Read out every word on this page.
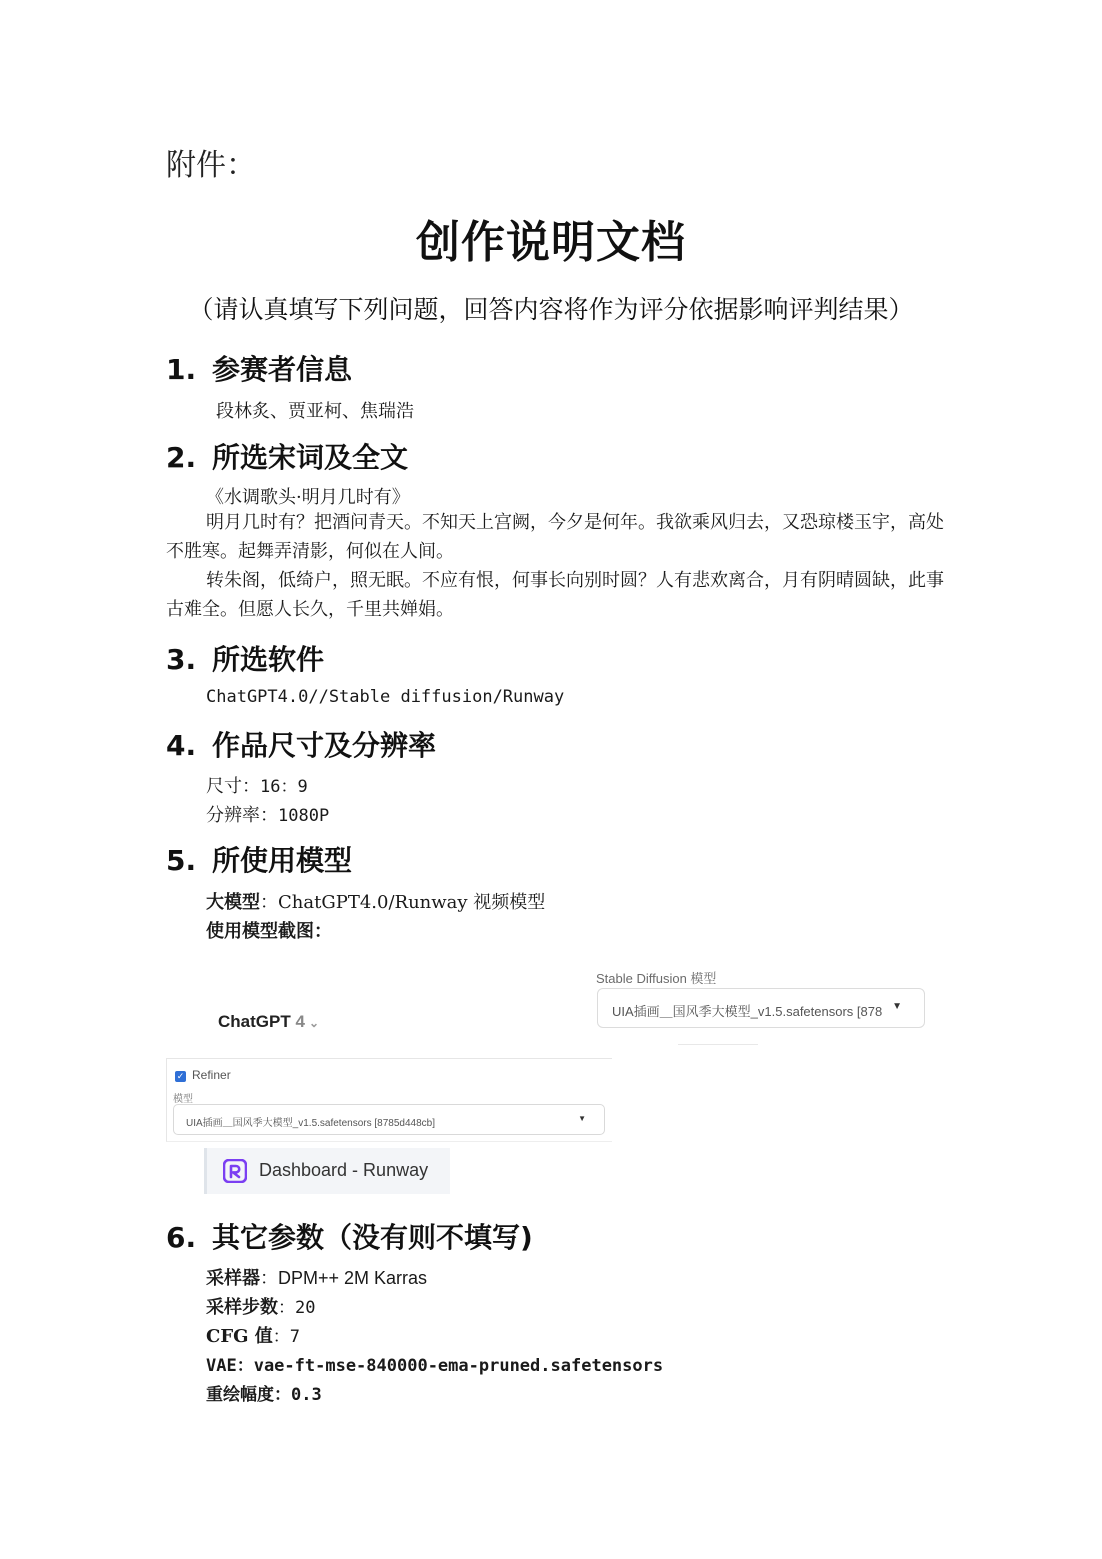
附件：
创作说明文档
（请认真填写下列问题，回答内容将作为评分依据影响评判结果）
1. 参赛者信息
段林炙、贾亚柯、焦瑞浩
2. 所选宋词及全文
《水调歌头·明月几时有》
明月几时有？把酒问青天。不知天上宫阙，今夕是何年。我欲乘风归去，又恐琼楼玉宇，高处不胜寒。起舞弄清影，何似在人间。
转朱阁，低绮户，照无眠。不应有恨，何事长向别时圆？人有悲欢离合，月有阴晴圆缺，此事古难全。但愿人长久，千里共婵娟。
3. 所选软件
ChatGPT4.0//Stable diffusion/Runway
4. 作品尺寸及分辨率
尺寸：16：9
分辨率：1080P
5. 所使用模型
大模型：ChatGPT4.0/Runway 视频模型
使用模型截图：
Stable Diffusion 模型
UIA插画＿国风季大模型_v1.5.safetensors [878 ▼
ChatGPT 4 ⌄
✓ Refiner
模型
UIA插画＿国风季大模型_v1.5.safetensors [8785d448cb]	▼
Dashboard - Runway
6. 其它参数（没有则不填写)
采样器：DPM++ 2M Karras
采样步数：20
CFG 值：7
VAE：vae-ft-mse-840000-ema-pruned.safetensors
重绘幅度：0.3
